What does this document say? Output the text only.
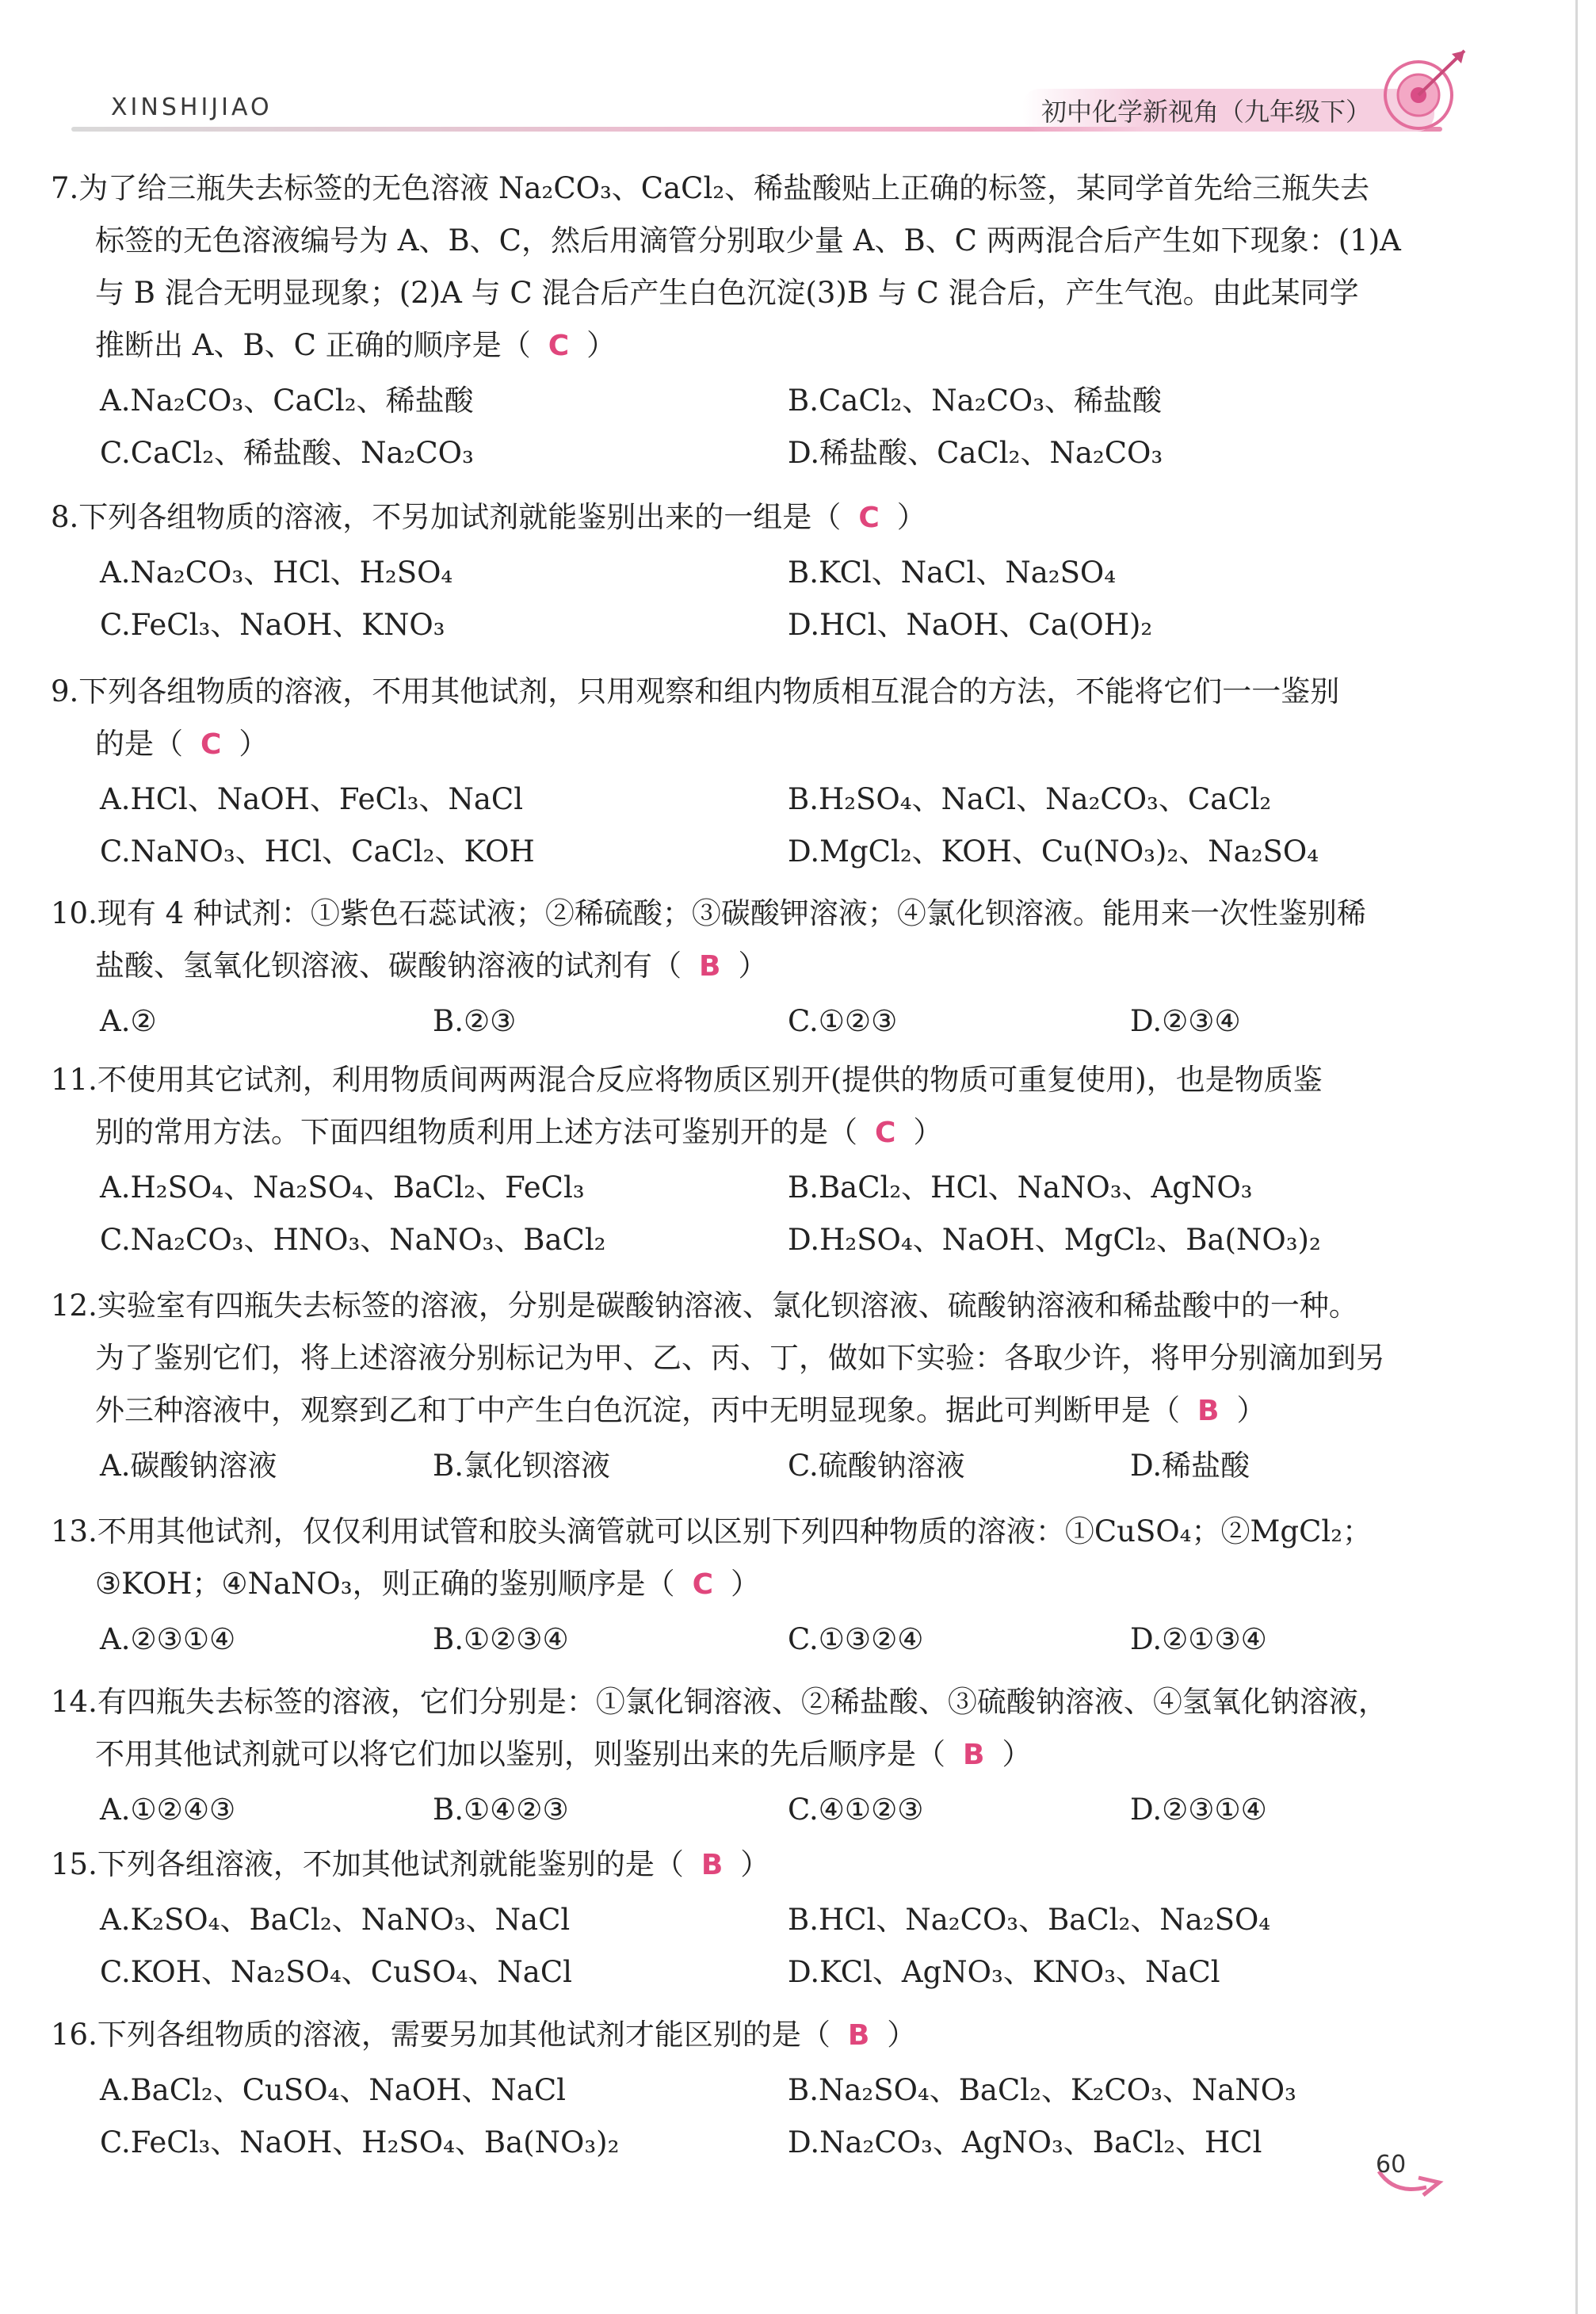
XINSHIJIAO	初中化学新视角（九年级下）
7.为了给三瓶失去标签的无色溶液 Na₂CO₃、CaCl₂、稀盐酸贴上正确的标签，某同学首先给三瓶失去
标签的无色溶液编号为 A、B、C，然后用滴管分别取少量 A、B、C 两两混合后产生如下现象：(1)A
与 B 混合无明显现象；(2)A 与 C 混合后产生白色沉淀(3)B 与 C 混合后，产生气泡。由此某同学
推断出 A、B、C 正确的顺序是（ C ）
A.Na₂CO₃、CaCl₂、稀盐酸	B.CaCl₂、Na₂CO₃、稀盐酸
C.CaCl₂、稀盐酸、Na₂CO₃	D.稀盐酸、CaCl₂、Na₂CO₃
8.下列各组物质的溶液，不另加试剂就能鉴别出来的一组是（ C ）
A.Na₂CO₃、HCl、H₂SO₄	B.KCl、NaCl、Na₂SO₄
C.FeCl₃、NaOH、KNO₃	D.HCl、NaOH、Ca(OH)₂
9.下列各组物质的溶液，不用其他试剂，只用观察和组内物质相互混合的方法，不能将它们一一鉴别
的是（ C ）
A.HCl、NaOH、FeCl₃、NaCl	B.H₂SO₄、NaCl、Na₂CO₃、CaCl₂
C.NaNO₃、HCl、CaCl₂、KOH	D.MgCl₂、KOH、Cu(NO₃)₂、Na₂SO₄
10.现有 4 种试剂：①紫色石蕊试液；②稀硫酸；③碳酸钾溶液；④氯化钡溶液。能用来一次性鉴别稀
盐酸、氢氧化钡溶液、碳酸钠溶液的试剂有（ B ）
A.②	B.②③	C.①②③	D.②③④
11.不使用其它试剂，利用物质间两两混合反应将物质区别开(提供的物质可重复使用)，也是物质鉴
别的常用方法。下面四组物质利用上述方法可鉴别开的是（ C ）
A.H₂SO₄、Na₂SO₄、BaCl₂、FeCl₃	B.BaCl₂、HCl、NaNO₃、AgNO₃
C.Na₂CO₃、HNO₃、NaNO₃、BaCl₂	D.H₂SO₄、NaOH、MgCl₂、Ba(NO₃)₂
12.实验室有四瓶失去标签的溶液，分别是碳酸钠溶液、氯化钡溶液、硫酸钠溶液和稀盐酸中的一种。
为了鉴别它们，将上述溶液分别标记为甲、乙、丙、丁，做如下实验：各取少许，将甲分别滴加到另
外三种溶液中，观察到乙和丁中产生白色沉淀，丙中无明显现象。据此可判断甲是（ B ）
A.碳酸钠溶液	B.氯化钡溶液	C.硫酸钠溶液	D.稀盐酸
13.不用其他试剂，仅仅利用试管和胶头滴管就可以区别下列四种物质的溶液：①CuSO₄；②MgCl₂；
③KOH；④NaNO₃，则正确的鉴别顺序是（ C ）
A.②③①④	B.①②③④	C.①③②④	D.②①③④
14.有四瓶失去标签的溶液，它们分别是：①氯化铜溶液、②稀盐酸、③硫酸钠溶液、④氢氧化钠溶液，
不用其他试剂就可以将它们加以鉴别，则鉴别出来的先后顺序是（ B ）
A.①②④③	B.①④②③	C.④①②③	D.②③①④
15.下列各组溶液，不加其他试剂就能鉴别的是（ B ）
A.K₂SO₄、BaCl₂、NaNO₃、NaCl	B.HCl、Na₂CO₃、BaCl₂、Na₂SO₄
C.KOH、Na₂SO₄、CuSO₄、NaCl	D.KCl、AgNO₃、KNO₃、NaCl
16.下列各组物质的溶液，需要另加其他试剂才能区别的是（ B ）
A.BaCl₂、CuSO₄、NaOH、NaCl	B.Na₂SO₄、BaCl₂、K₂CO₃、NaNO₃
C.FeCl₃、NaOH、H₂SO₄、Ba(NO₃)₂	D.Na₂CO₃、AgNO₃、BaCl₂、HCl
60
